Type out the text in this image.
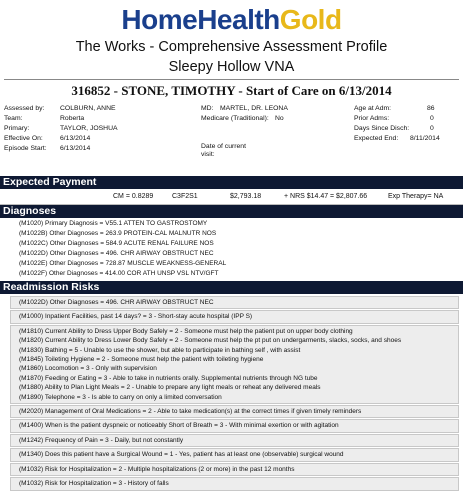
HomeHealthGold
The Works - Comprehensive Assessment Profile
Sleepy Hollow VNA
316852 - STONE, TIMOTHY - Start of Care on 6/13/2014
Assessed by: COLBURN, ANNE
Team:	Roberta
Primary:	TAYLOR, JOSHUA
Effective On:	6/13/2014
Episode Start: 6/13/2014
MD: MARTEL, DR. LEONA
Medicare (Traditional): No
Date of current
visit:
Age at Adm:	86
Prior Adms:	0
Days Since Disch:	0
Expected End: 8/11/2014
Expected Payment
CM = 0.8289	C3F2S1	$2,793.18	+ NRS $14.47 = $2,807.66	Exp Therapy= NA
Diagnoses
(M1020) Primary Diagnosis = V55.1 ATTEN TO GASTROSTOMY
(M1022B) Other Diagnoses = 263.9 PROTEIN-CAL MALNUTR NOS
(M1022C) Other Diagnoses = 584.9 ACUTE RENAL FAILURE NOS
(M1022D) Other Diagnoses = 496. CHR AIRWAY OBSTRUCT NEC
(M1022E) Other Diagnoses = 728.87 MUSCLE WEAKNESS-GENERAL
(M1022F) Other Diagnoses = 414.00 COR ATH UNSP VSL NTV/GFT
Readmission Risks
(M1022D) Other Diagnoses = 496. CHR AIRWAY OBSTRUCT NEC
(M1000) Inpatient Facilities, past 14 days? = 3 - Short-stay acute hospital (IPP S)
(M1810) Current Ability to Dress Upper Body Safely = 2 - Someone must help the patient put on upper body clothing
(M1820) Current Ability to Dress Lower Body Safely = 2 - Someone must help the pt put on undergarments, slacks, socks, and shoes
(M1830) Bathing = 5 - Unable to use the shower, but able to participate in bathing self , with assist
(M1845) Toileting Hygiene = 2 - Someone must help the patient with toileting hygiene
(M1860) Locomotion = 3 - Only with supervision
(M1870) Feeding or Eating = 3 - Able to take in nutrients orally. Supplemental nutrients through NG tube
(M1880) Ability to Plan Light Meals = 2 - Unable to prepare any light meals or reheat any delivered meals
(M1890) Telephone = 3 - Is able to carry on only a limited conversation
(M2020) Management of Oral Medications = 2 - Able to take medication(s) at the correct times if given timely reminders
(M1400) When is the patient dyspneic or noticeably Short of Breath = 3 - With minimal exertion or with agitation
(M1242) Frequency of Pain = 3 - Daily, but not constantly
(M1340) Does this patient have a Surgical Wound = 1 - Yes, patient has at least one (observable) surgical wound
(M1032) Risk for Hospitalization = 2 - Multiple hospitalizations (2 or more) in the past 12 months
(M1032) Risk for Hospitalization = 3 - History of falls
